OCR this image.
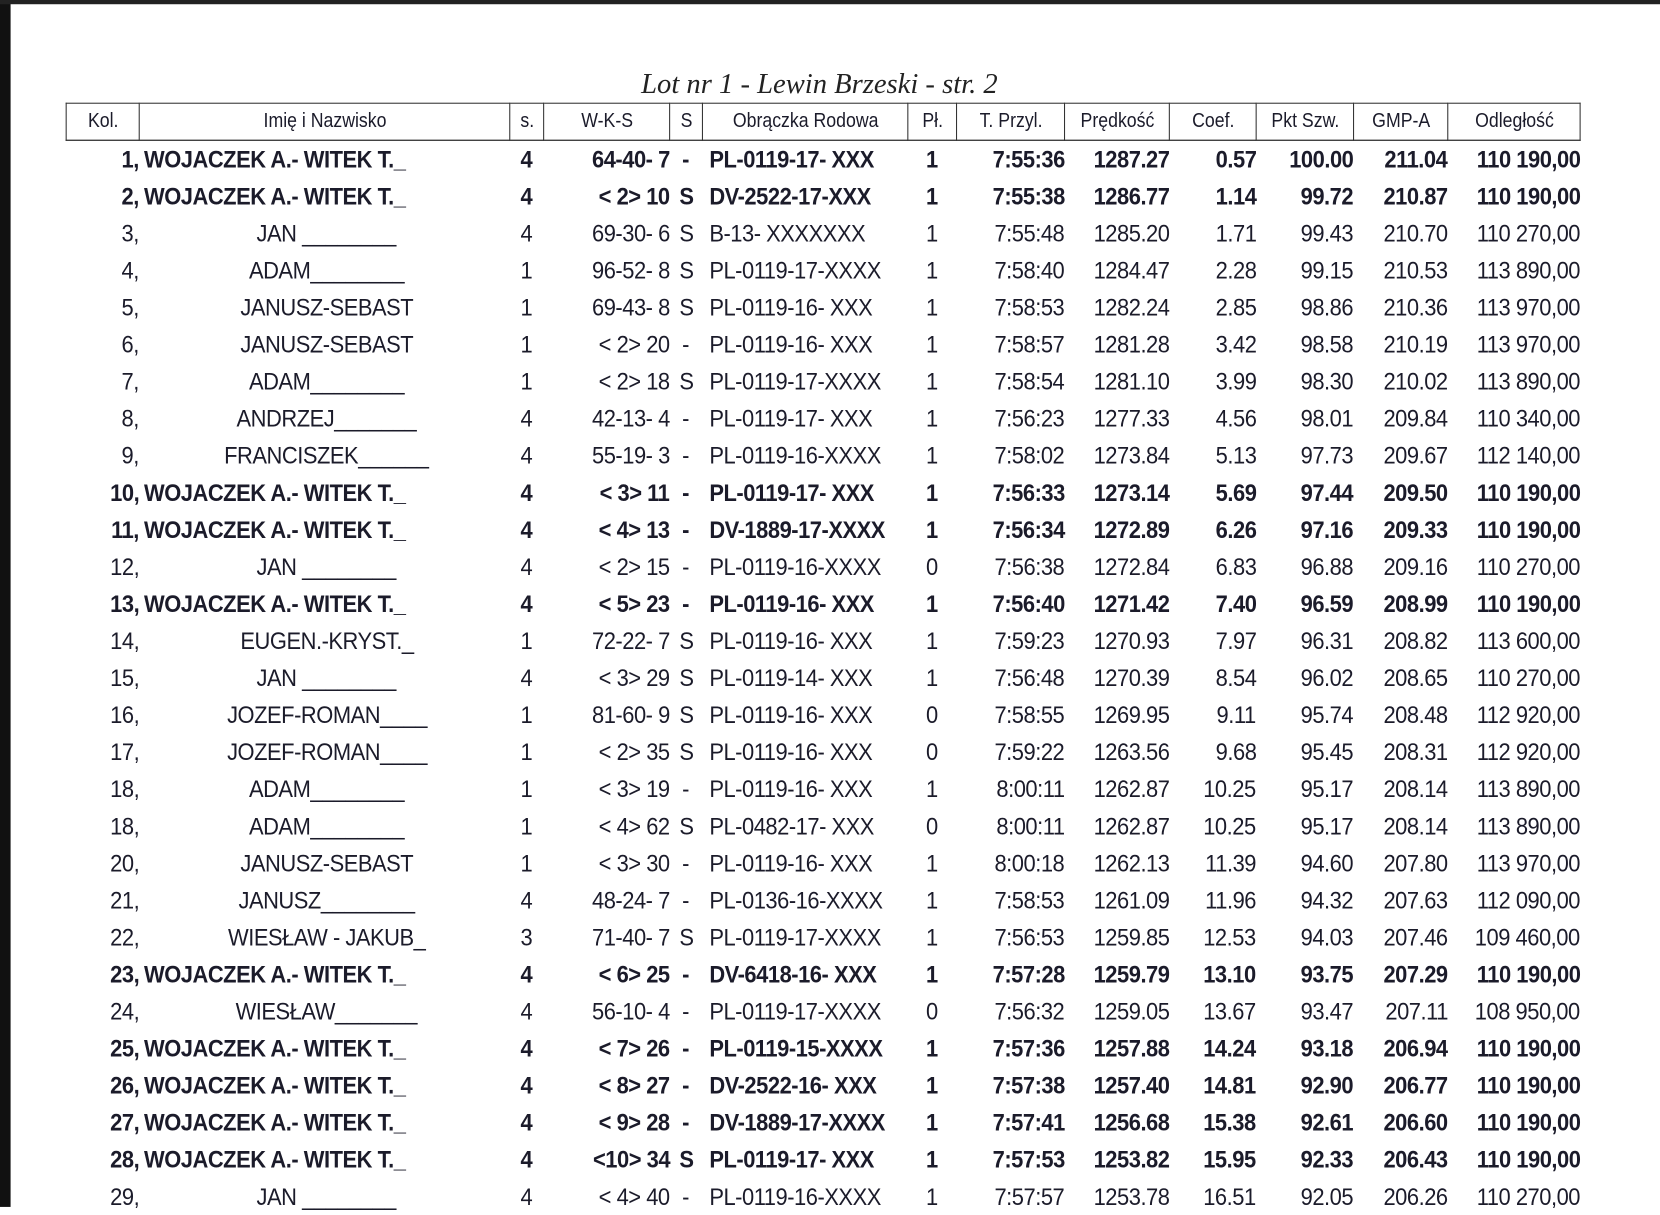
Lot nr 1 - Lewin Brzeski - str. 2
Kol.	Imię i Nazwisko	s.	W-K-S	S	Obrączka Rodowa	Pł.	T. Przyl.	Prędkość	Coef.	Pkt Szw.	GMP-A	Odległość
1,	WOJACZEK A.- WITEK T._	4	64-40- 7	-	PL-0119-17- XXX	1	7:55:36	1287.27	0.57	100.00	211.04	110 190,00
2,	WOJACZEK A.- WITEK T._	4	< 2> 10	S	DV-2522-17-XXX	1	7:55:38	1286.77	1.14	99.72	210.87	110 190,00
3,	JAN ________	4	69-30- 6	S	B-13- XXXXXXX	1	7:55:48	1285.20	1.71	99.43	210.70	110 270,00
4,	ADAM________	1	96-52- 8	S	PL-0119-17-XXXX	1	7:58:40	1284.47	2.28	99.15	210.53	113 890,00
5,	JANUSZ-SEBAST	1	69-43- 8	S	PL-0119-16- XXX	1	7:58:53	1282.24	2.85	98.86	210.36	113 970,00
6,	JANUSZ-SEBAST	1	< 2> 20	-	PL-0119-16- XXX	1	7:58:57	1281.28	3.42	98.58	210.19	113 970,00
7,	ADAM________	1	< 2> 18	S	PL-0119-17-XXXX	1	7:58:54	1281.10	3.99	98.30	210.02	113 890,00
8,	ANDRZEJ_______	4	42-13- 4	-	PL-0119-17- XXX	1	7:56:23	1277.33	4.56	98.01	209.84	110 340,00
9,	FRANCISZEK______	4	55-19- 3	-	PL-0119-16-XXXX	1	7:58:02	1273.84	5.13	97.73	209.67	112 140,00
10,	WOJACZEK A.- WITEK T._	4	< 3> 11	-	PL-0119-17- XXX	1	7:56:33	1273.14	5.69	97.44	209.50	110 190,00
11,	WOJACZEK A.- WITEK T._	4	< 4> 13	-	DV-1889-17-XXXX	1	7:56:34	1272.89	6.26	97.16	209.33	110 190,00
12,	JAN ________	4	< 2> 15	-	PL-0119-16-XXXX	0	7:56:38	1272.84	6.83	96.88	209.16	110 270,00
13,	WOJACZEK A.- WITEK T._	4	< 5> 23	-	PL-0119-16- XXX	1	7:56:40	1271.42	7.40	96.59	208.99	110 190,00
14,	EUGEN.-KRYST._	1	72-22- 7	S	PL-0119-16- XXX	1	7:59:23	1270.93	7.97	96.31	208.82	113 600,00
15,	JAN ________	4	< 3> 29	S	PL-0119-14- XXX	1	7:56:48	1270.39	8.54	96.02	208.65	110 270,00
16,	JOZEF-ROMAN____	1	81-60- 9	S	PL-0119-16- XXX	0	7:58:55	1269.95	9.11	95.74	208.48	112 920,00
17,	JOZEF-ROMAN____	1	< 2> 35	S	PL-0119-16- XXX	0	7:59:22	1263.56	9.68	95.45	208.31	112 920,00
18,	ADAM________	1	< 3> 19	-	PL-0119-16- XXX	1	8:00:11	1262.87	10.25	95.17	208.14	113 890,00
18,	ADAM________	1	< 4> 62	S	PL-0482-17- XXX	0	8:00:11	1262.87	10.25	95.17	208.14	113 890,00
20,	JANUSZ-SEBAST	1	< 3> 30	-	PL-0119-16- XXX	1	8:00:18	1262.13	11.39	94.60	207.80	113 970,00
21,	JANUSZ________	4	48-24- 7	-	PL-0136-16-XXXX	1	7:58:53	1261.09	11.96	94.32	207.63	112 090,00
22,	WIESŁAW - JAKUB_	3	71-40- 7	S	PL-0119-17-XXXX	1	7:56:53	1259.85	12.53	94.03	207.46	109 460,00
23,	WOJACZEK A.- WITEK T._	4	< 6> 25	-	DV-6418-16- XXX	1	7:57:28	1259.79	13.10	93.75	207.29	110 190,00
24,	WIESŁAW_______	4	56-10- 4	-	PL-0119-17-XXXX	0	7:56:32	1259.05	13.67	93.47	207.11	108 950,00
25,	WOJACZEK A.- WITEK T._	4	< 7> 26	-	PL-0119-15-XXXX	1	7:57:36	1257.88	14.24	93.18	206.94	110 190,00
26,	WOJACZEK A.- WITEK T._	4	< 8> 27	-	DV-2522-16- XXX	1	7:57:38	1257.40	14.81	92.90	206.77	110 190,00
27,	WOJACZEK A.- WITEK T._	4	< 9> 28	-	DV-1889-17-XXXX	1	7:57:41	1256.68	15.38	92.61	206.60	110 190,00
28,	WOJACZEK A.- WITEK T._	4	<10> 34	S	PL-0119-17- XXX	1	7:57:53	1253.82	15.95	92.33	206.43	110 190,00
29,	JAN ________	4	< 4> 40	-	PL-0119-16-XXXX	1	7:57:57	1253.78	16.51	92.05	206.26	110 270,00
